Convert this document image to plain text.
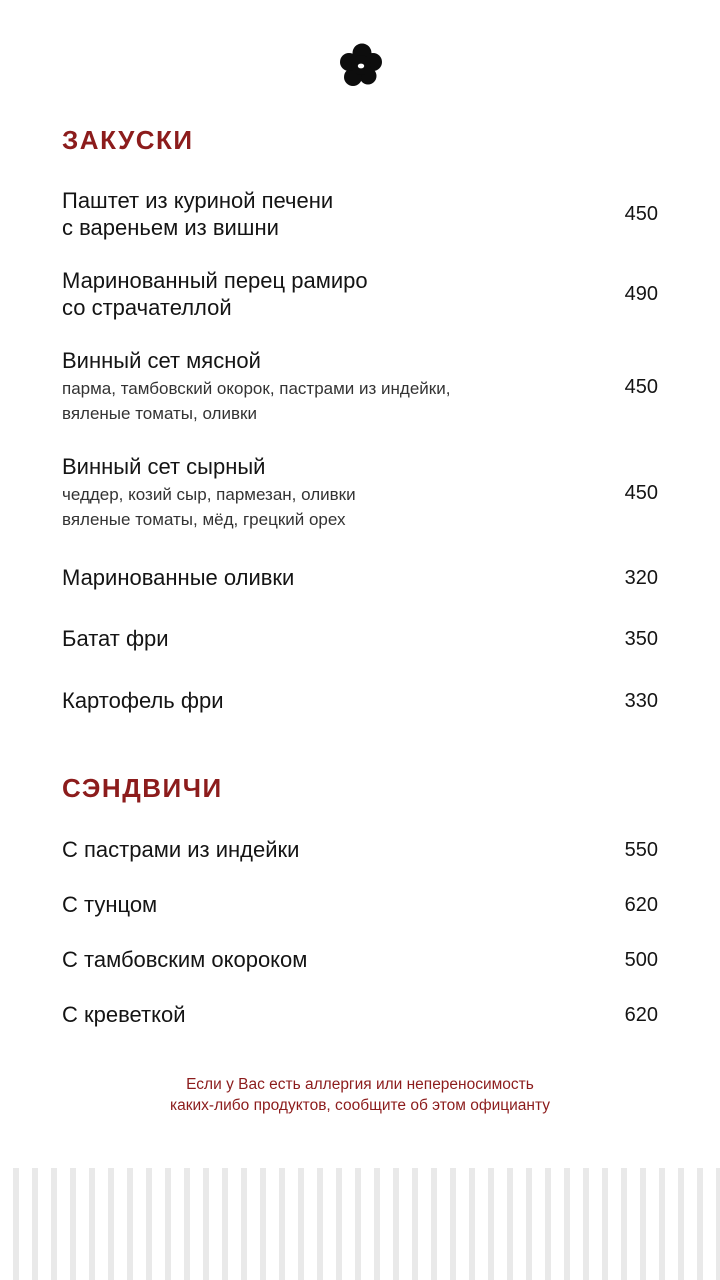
ЗАКУСКИ
Паштет из куриной печени
с вареньем из вишни
450
Маринованный перец рамиро
со страчателлой
490
Винный сет мясной
парма, тамбовский окорок, пастрами из индейки,
вяленые томаты, оливки
450
Винный сет сырный
чеддер, козий сыр, пармезан, оливки
вяленые томаты, мёд, грецкий орех
450
Маринованные оливки	320
Батат фри	350
Картофель фри	330
СЭНДВИЧИ
С пастрами из индейки	550
С тунцом	620
С тамбовским окороком	500
С креветкой	620
Если у Вас есть аллергия или непереносимость
каких-либо продуктов, сообщите об этом официанту
